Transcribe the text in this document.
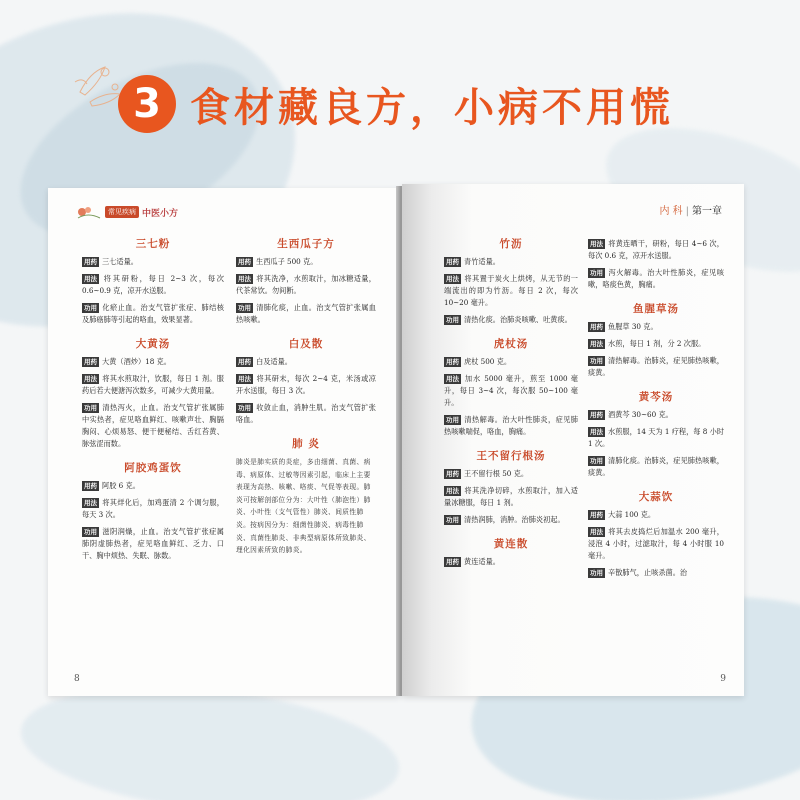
3 食材藏良方，小病不用慌
常见疾病 中医小方
三七粉
用药 三七适量。
用法 将其研粉，每日 2~3 次，每次 0.6~0.9 克，凉开水送服。
功用 化瘀止血。治支气管扩张症、肺结核及肺癌肺等引起的咯血，效果显著。
大黄汤
用药 大黄（酒炒）18 克。
用法 将其水煎取汁，饮服，每日 1 剂。服药后若大便溏泻次数多，可减少大黄用量。
功用 清热泻火，止血。治支气管扩张属肺中实热者，症见咯血鲜红、咳嗽声壮、胸膈胸闷、心烦易怒、便干便秘结、舌红苔黄、脉弦涩而数。
阿胶鸡蛋饮
用药 阿胶 6 克。
用法 将其烊化后，加鸡蛋清 2 个调匀服，每天 3 次。
功用 滋阴润燥，止血。治支气管扩张症属肺阴虚肺热者，症见咯血鲜红、乏力、口干、胸中烦热、失眠、脉数。
生西瓜子方
用药 生西瓜子 500 克。
用法 将其洗净，水煎取汁，加冰糖适量，代茶常饮。勿间断。
功用 清肺化痰，止血。治支气管扩张属血热咳嗽。
白及散
用药 白及适量。
用法 将其研末，每次 2~4 克，米汤或凉开水送服，每日 3 次。
功用 收敛止血，消肿生肌。治支气管扩张咯血。
肺 炎
肺炎是肺实质的炎症，多由细菌、真菌、病毒、病原体、过敏等因素引起，临床上主要表现为高热、咳嗽、咯痰、气促等表现。肺炎可按解剖部位分为：大叶性（肺泡性）肺炎、小叶性（支气管性）肺炎、间质性肺炎。按病因分为：细菌性肺炎、病毒性肺炎、真菌性肺炎、非典型病原体所致肺炎、理化因素所致的肺炎。
8
内 科 | 第一章
竹沥
用药 青竹适量。
用法 将其置于炭火上烘烤，从无节的一端流出的即为竹沥。每日 2 次，每次 10~20 毫升。
功用 清热化痰。治肺炎咳嗽、吐黄痰。
虎杖汤
用药 虎杖 500 克。
用法 加水 5000 毫升，煎至 1000 毫升，每日 3~4 次，每次服 50~100 毫升。
功用 清热解毒。治大叶性肺炎，症见肺热咳嗽喘促，咯血，胸痛。
王不留行根汤
用药 王不留行根 50 克。
用法 将其洗净切碎，水煎取汁，加入适量冰糖服，每日 1 剂。
功用 清热润肺，消肿。治肺炎初起。
黄连散
用药 黄连适量。
用法 将黄连晒干，研粉，每日 4~6 次，每次 0.6 克，凉开水送服。
功用 泻火解毒。治大叶性肺炎，症见咳嗽，咯痰色黄，胸痛。
鱼腥草汤
用药 鱼腥草 30 克。
用法 水煎，每日 1 剂，分 2 次服。
功用 清热解毒。治肺炎，症见肺热咳嗽，痰黄。
黄芩汤
用药 酒黄芩 30~60 克。
用法 水煎服，14 天为 1 疗程，每 8 小时 1 次。
功用 清肺化痰。治肺炎，症见肺热咳嗽，痰黄。
大蒜饮
用药 大蒜 100 克。
用法 将其去皮捣烂后加温水 200 毫升，浸泡 4 小时，过滤取汁，每 4 小时服 10 毫升。
功用 辛散肺气，止咳杀菌。治
9
